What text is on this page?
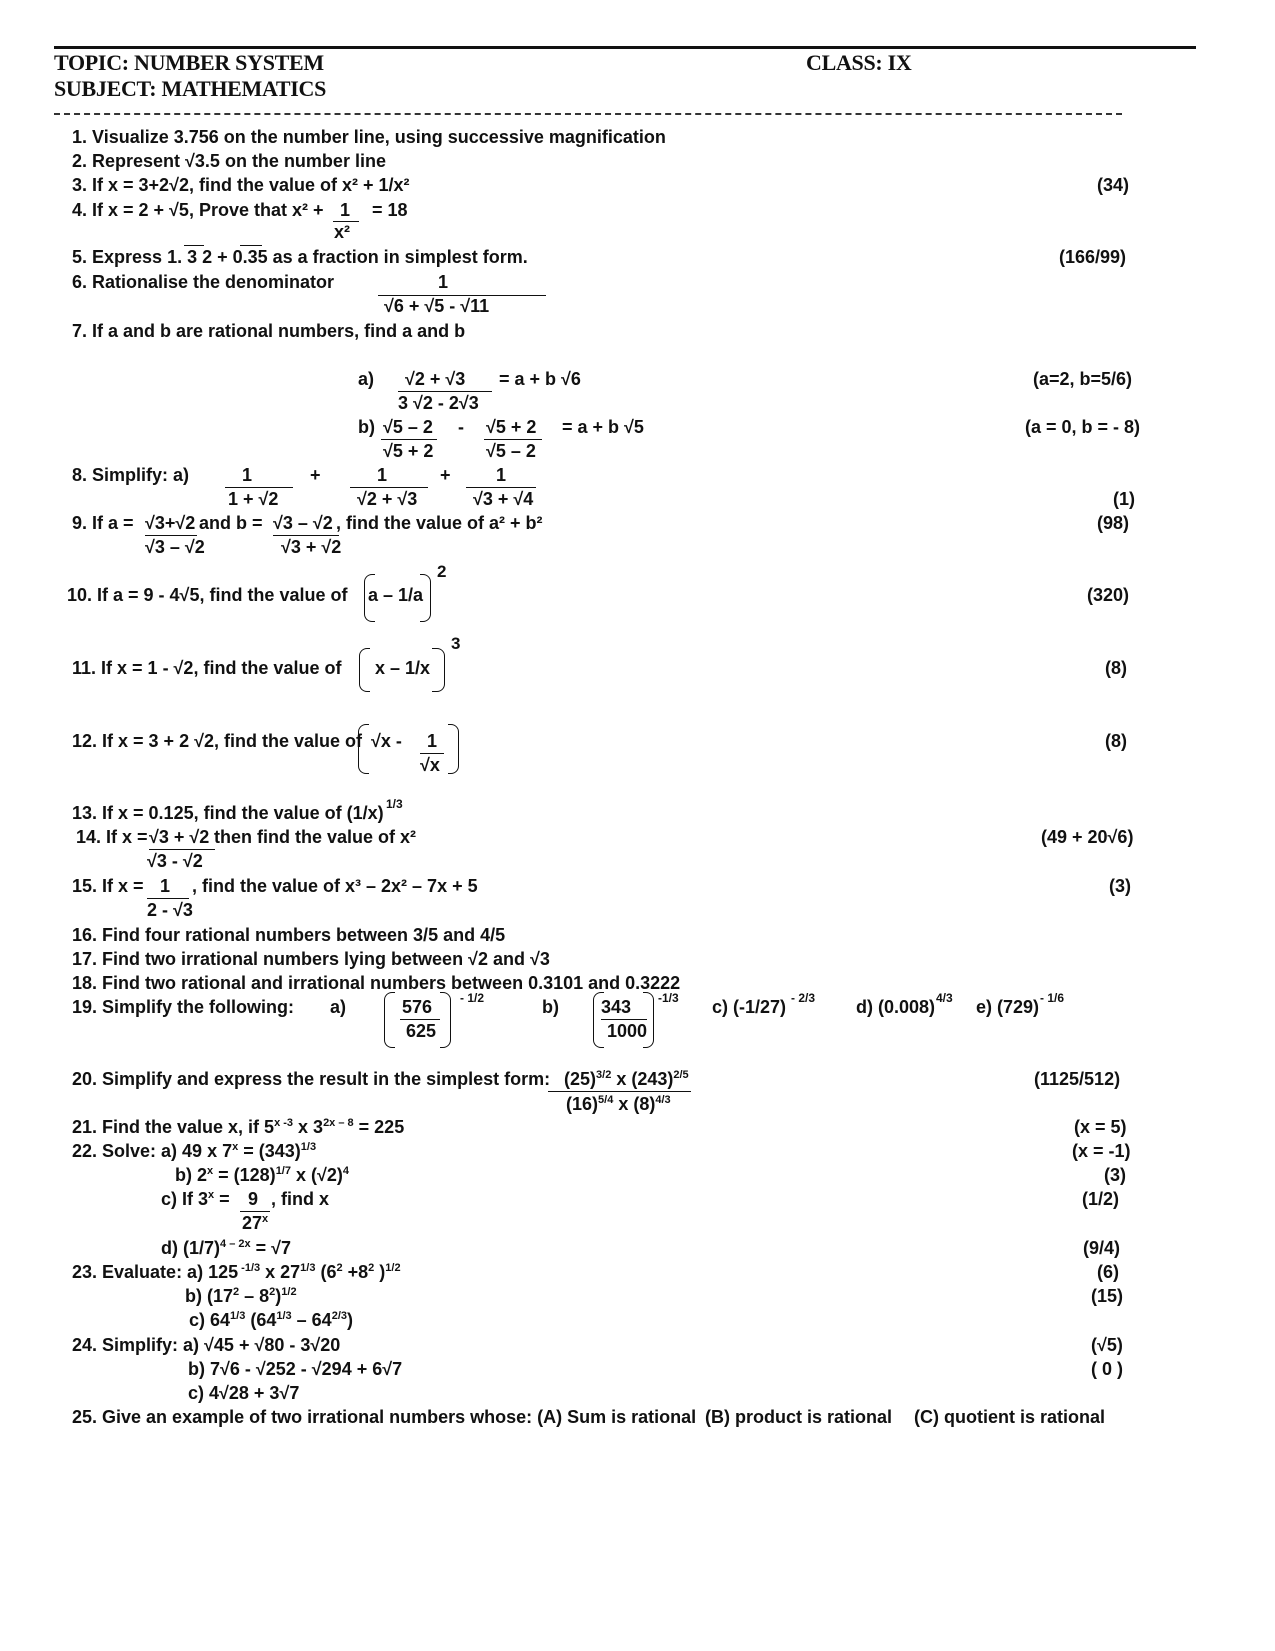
TOPIC: NUMBER SYSTEM
SUBJECT: MATHEMATICS
CLASS: IX
1. Visualize 3.756 on the number line, using successive magnification
2. Represent √3.5 on the number line
3. If x = 3+2√2, find the value of x² + 1/x²	(34)
4. If x = 2 + √5, Prove that x² + 1 = 18
x²
5. Express 1. 3 2 + 0.35 as a fraction in simplest form.	(166/99)
6. Rationalise the denominator	1
√6 + √5 - √11
7. If a and b are rational numbers, find a and b
a) √2 + √3
3 √2 - 2√3
= a + b √6	(a=2, b=5/6)
b) √5 – 2
√5 + 2
- √5 + 2
√5 – 2
= a + b √5	(a = 0, b = - 8)
8. Simplify: a)	1
1 + √2
+	1
√2 + √3
+	1
√3 + √4	(1)
9. If a = √3+√2
√3 – √2
and b = √3 – √2
√3 + √2
, find the value of a² + b²	(98)
10. If a = 9 - 4√5, find the value of a – 1/a
2
(320)
11. If x = 1 - √2, find the value of x – 1/x
3
(8)
12. If x = 3 + 2 √2, find the value of √x - 1
√x
(8)
13. If x = 0.125, find the value of (1/x) 1/3
14. If x = √3 + √2 then find the value of x²
√3 - √2
(49 + 20√6)
15. If x = 1 , find the value of x³ – 2x² – 7x + 5
2 - √3
(3)
16. Find four rational numbers between 3/5 and 4/5
17. Find two irrational numbers lying between √2 and √3
18. Find two rational and irrational numbers between 0.3101 and 0.3222
19. Simplify the following: a)	576
625
- 1/2	b) 343
1000
-1/3 c) (-1/27) - 2/3 d) (0.008) 4/3 e) (729) - 1/6
20. Simplify and express the result in the simplest form: $(25)^{3/2}$ x $(243)^{2/5}$
$(16)^{5/4}$ x $(8)^{4/3}$
(1125/512)
21. Find the value x, if 5$^{x -3}$ x $3^{2x - 8} = 225$	(x = 5)
22. Solve: a) 49 x $7^x = (343)^{1/3}$	(x = -1)
b) $2^x = (128)^{1/7}$ x $(√2)^4$	(3)
c) If $3^x = 9$ , find x
27$^x$
(1/2)
d) $(1/7)^{4 - 2x} = √7$	(9/4)
23. Evaluate: a) 125 $^{-1/3}$ x $27^{1/3}$ ($6^2 +8^2$ )$^{1/2}$	(6)
b) $(17^2 - 8^2)^{1/2}$	(15)
c) $64^{1/3}$ $(64^{1/3} - 64^{2/3})$
24. Simplify: a) √45 + √80 - 3√20	(√5)
b) 7√6 - √252 - √294 + 6√7	( 0 )
c) 4√28 + 3√7
25. Give an example of two irrational numbers whose: (A) Sum is rational (B) product is rational (C) quotient is rational
